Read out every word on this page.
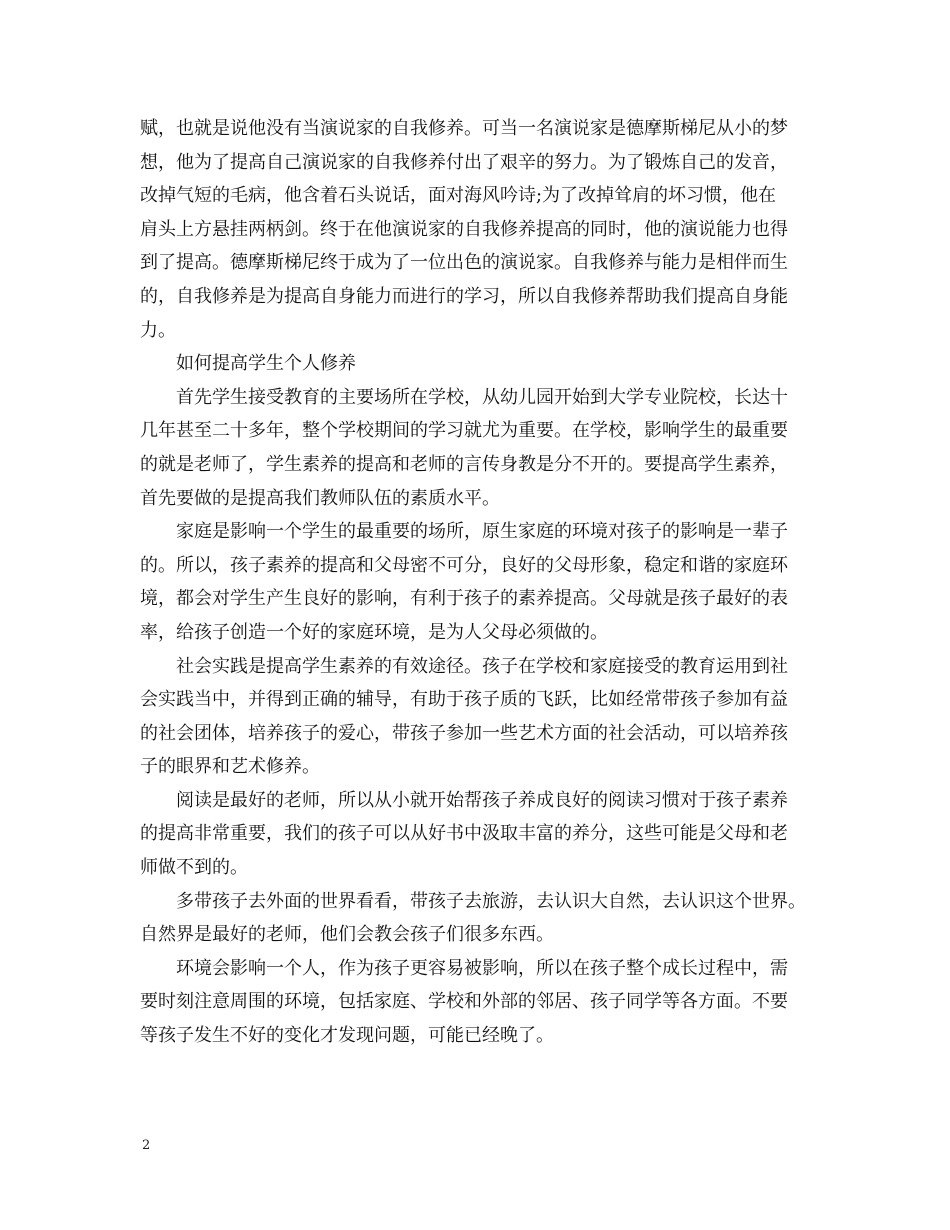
赋，也就是说他没有当演说家的自我修养。可当一名演说家是德摩斯梯尼从小的梦
想，他为了提高自己演说家的自我修养付出了艰辛的努力。为了锻炼自己的发音，
改掉气短的毛病，他含着石头说话，面对海风吟诗;为了改掉耸肩的坏习惯，他在
肩头上方悬挂两柄剑。终于在他演说家的自我修养提高的同时，他的演说能力也得
到了提高。德摩斯梯尼终于成为了一位出色的演说家。自我修养与能力是相伴而生
的，自我修养是为提高自身能力而进行的学习，所以自我修养帮助我们提高自身能
力。
如何提高学生个人修养
首先学生接受教育的主要场所在学校，从幼儿园开始到大学专业院校，长达十
几年甚至二十多年，整个学校期间的学习就尤为重要。在学校，影响学生的最重要
的就是老师了，学生素养的提高和老师的言传身教是分不开的。要提高学生素养，
首先要做的是提高我们教师队伍的素质水平。
家庭是影响一个学生的最重要的场所，原生家庭的环境对孩子的影响是一辈子
的。所以，孩子素养的提高和父母密不可分，良好的父母形象，稳定和谐的家庭环
境，都会对学生产生良好的影响，有利于孩子的素养提高。父母就是孩子最好的表
率，给孩子创造一个好的家庭环境，是为人父母必须做的。
社会实践是提高学生素养的有效途径。孩子在学校和家庭接受的教育运用到社
会实践当中，并得到正确的辅导，有助于孩子质的飞跃，比如经常带孩子参加有益
的社会团体，培养孩子的爱心，带孩子参加一些艺术方面的社会活动，可以培养孩
子的眼界和艺术修养。
阅读是最好的老师，所以从小就开始帮孩子养成良好的阅读习惯对于孩子素养
的提高非常重要，我们的孩子可以从好书中汲取丰富的养分，这些可能是父母和老
师做不到的。
多带孩子去外面的世界看看，带孩子去旅游，去认识大自然，去认识这个世界。
自然界是最好的老师，他们会教会孩子们很多东西。
环境会影响一个人，作为孩子更容易被影响，所以在孩子整个成长过程中，需
要时刻注意周围的环境，包括家庭、学校和外部的邻居、孩子同学等各方面。不要
等孩子发生不好的变化才发现问题，可能已经晚了。
2
